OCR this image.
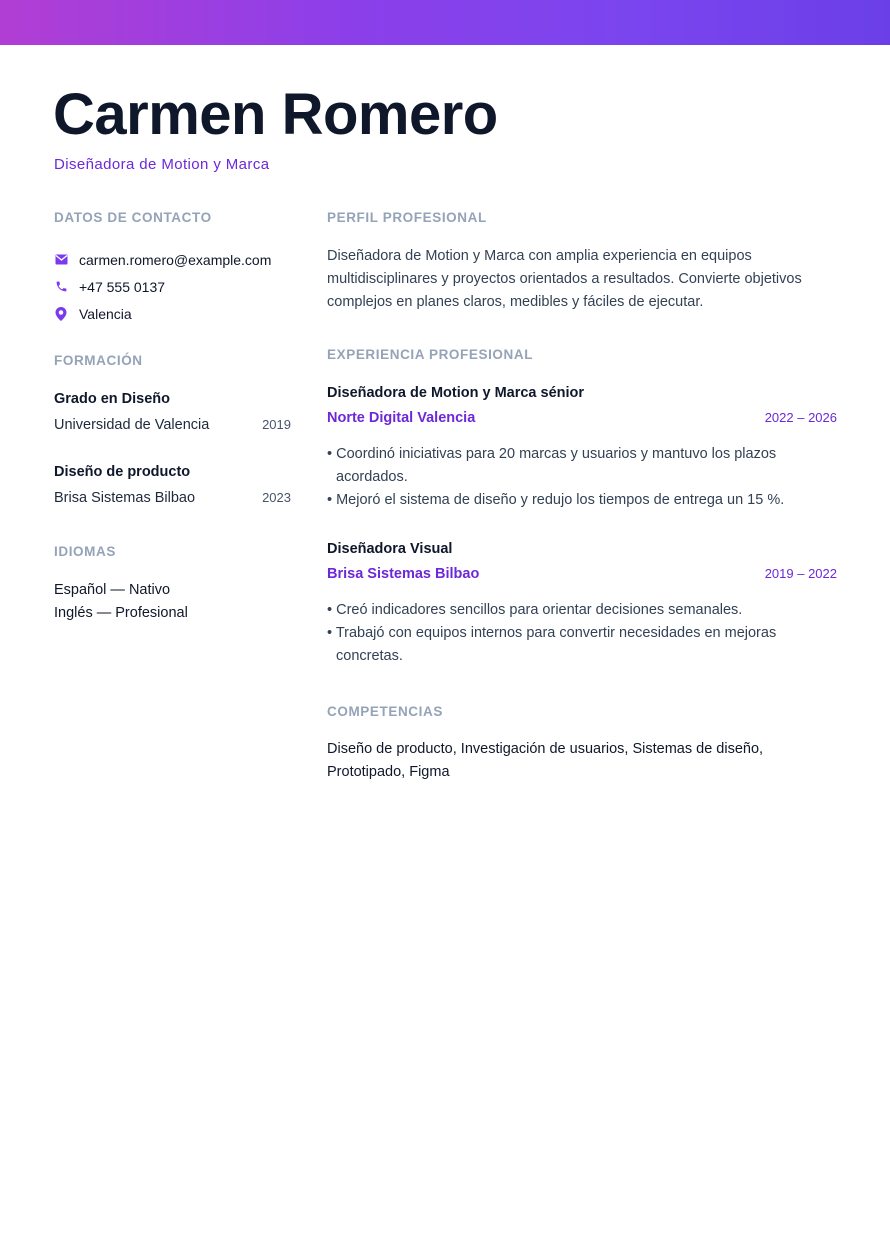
Carmen Romero
Diseñadora de Motion y Marca
DATOS DE CONTACTO
carmen.romero@example.com
+47 555 0137
Valencia
FORMACIÓN
Grado en Diseño
Universidad de Valencia	2019
Diseño de producto
Brisa Sistemas Bilbao	2023
IDIOMAS
Español — Nativo
Inglés — Profesional
PERFIL PROFESIONAL

Diseñadora de Motion y Marca con amplia experiencia en equipos multidisciplinares y proyectos orientados a resultados. Convierte objetivos complejos en planes claros, medibles y fáciles de ejecutar.

EXPERIENCIA PROFESIONAL
Diseñadora de Motion y Marca sénior
Norte Digital Valencia	2022 – 2026
• Coordinó iniciativas para 20 marcas y usuarios y mantuvo los plazos acordados.
• Mejoró el sistema de diseño y redujo los tiempos de entrega un 15 %.
Diseñadora Visual
Brisa Sistemas Bilbao	2019 – 2022
• Creó indicadores sencillos para orientar decisiones semanales.
• Trabajó con equipos internos para convertir necesidades en mejoras concretas.
COMPETENCIAS

Diseño de producto, Investigación de usuarios, Sistemas de diseño, Prototipado, Figma
